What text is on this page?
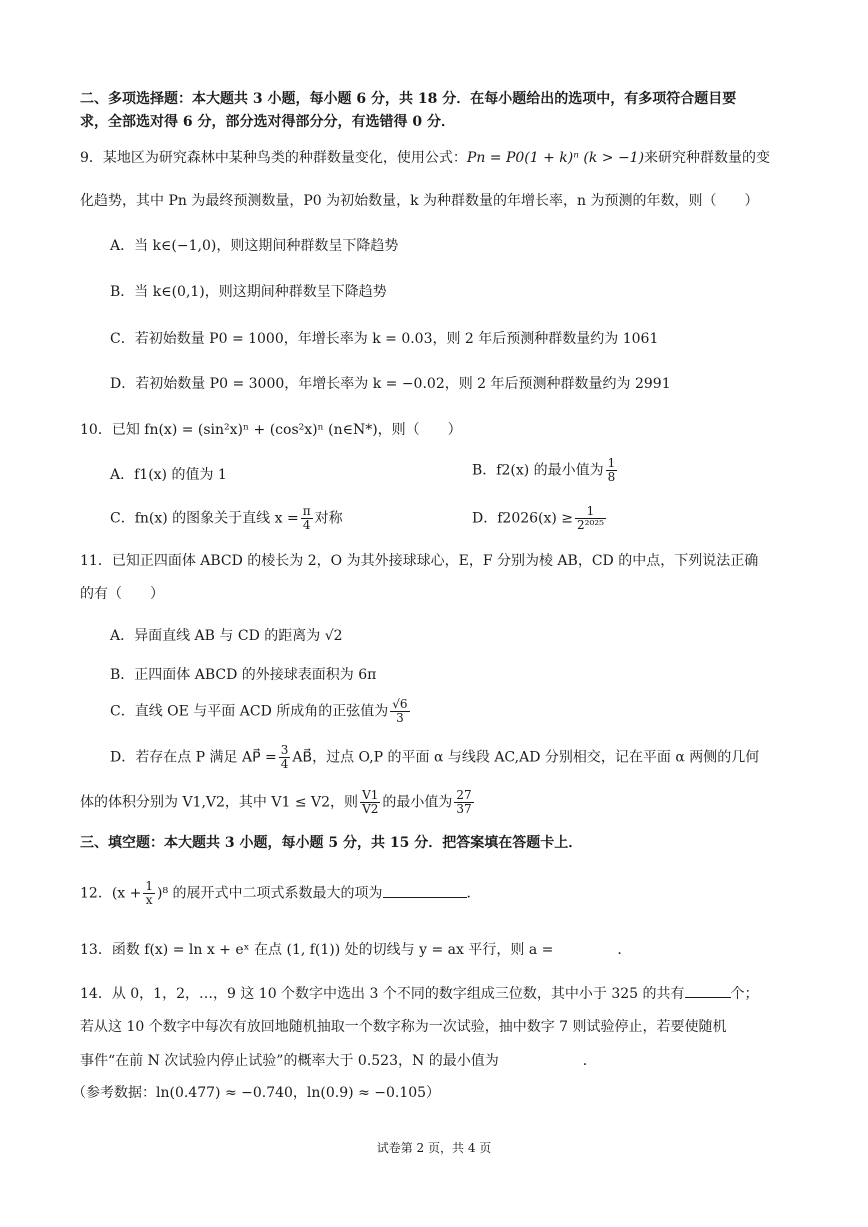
二、多项选择题：本大题共 3 小题，每小题 6 分，共 18 分．在每小题给出的选项中，有多项符合题目要
求，全部选对得 6 分，部分选对得部分分，有选错得 0 分．
9．某地区为研究森林中某种鸟类的种群数量变化，使用公式：Pn = P0(1 + k)ⁿ (k > −1)来研究种群数量的变
化趋势，其中 Pn 为最终预测数量，P0 为初始数量，k 为种群数量的年增长率，n 为预测的年数，则（　　）
A．当 k∈(−1,0)，则这期间种群数呈下降趋势
B．当 k∈(0,1)，则这期间种群数呈下降趋势
C．若初始数量 P0 = 1000，年增长率为 k = 0.03，则 2 年后预测种群数量约为 1061
D．若初始数量 P0 = 3000，年增长率为 k = −0.02，则 2 年后预测种群数量约为 2991
10．已知 fn(x) = (sin²x)ⁿ + (cos²x)ⁿ (n∈N*)，则（　　）
A．f1(x) 的值为 1	B．f2(x) 的最小值为 $\frac{1}{8}$
C．fn(x) 的图象关于直线 $x = \frac{\pi}{4}$ 对称	D．$f2026(x) \ge \frac{1}{\text{2²⁰²⁵}}$
11．已知正四面体 ABCD 的棱长为 2，O 为其外接球球心，E，F 分别为棱 AB，CD 的中点，下列说法正确
的有（　　）
A．异面直线 AB 与 CD 的距离为 √2
B．正四面体 ABCD 的外接球表面积为 6π
C．直线 OE 与平面 ACD 所成角的正弦值为 $\frac{√6}{3}$
D．若存在点 P 满足 AP⃗ = $\frac{3}{4}$ AB⃗，过点 O,P 的平面 α 与线段 AC,AD 分别相交，记在平面 α 两侧的几何
体的体积分别为 V1,V2，其中 V1 ≤ V2，则 $\frac{V1}{V2}$ 的最小值为 $\frac{27}{37}$
三、填空题：本大题共 3 小题，每小题 5 分，共 15 分．把答案填在答题卡上．
12．$(x + \frac{1}{x} )^8$ 的展开式中二项式系数最大的项为	．
13．函数 f(x) = ln x + eˣ 在点 (1, f(1)) 处的切线与 y = ax 平行，则 a =	．
14．从 0，1，2，…，9 这 10 个数字中选出 3 个不同的数字组成三位数，其中小于 325 的共有	个；
若从这 10 个数字中每次有放回地随机抽取一个数字称为一次试验，抽中数字 7 则试验停止，若要使随机
事件“在前 N 次试验内停止试验”的概率大于 0.523，N 的最小值为	．
（参考数据：ln(0.477) ≈ −0.740，ln(0.9) ≈ −0.105）
试卷第 2 页，共 4 页
